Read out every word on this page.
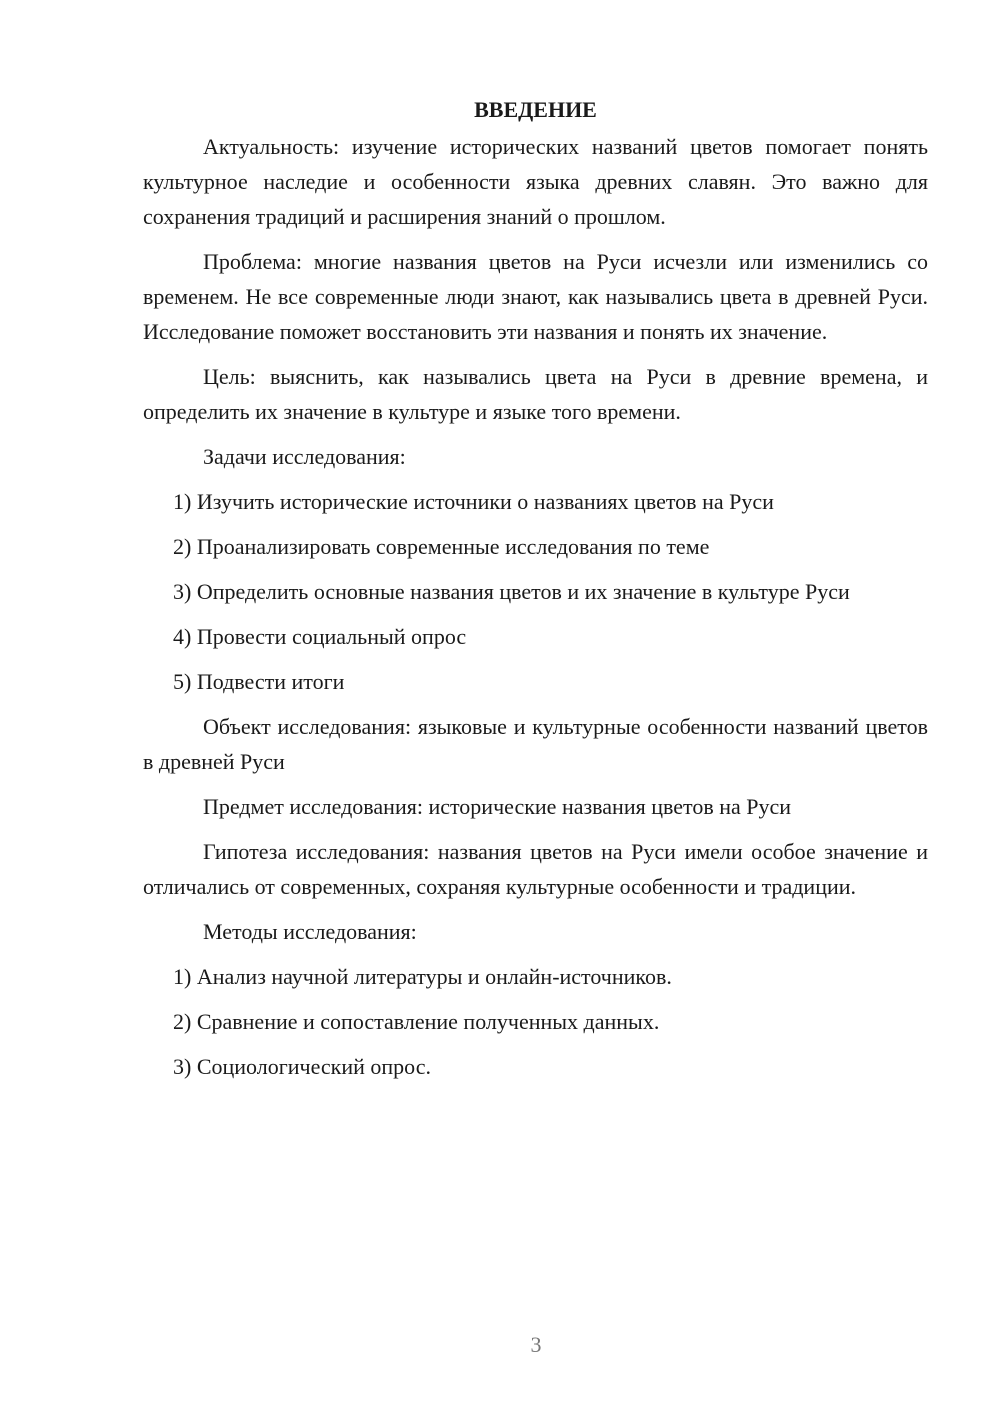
ВВЕДЕНИЕ

Актуальность: изучение исторических названий цветов помогает понять культурное наследие и особенности языка древних славян. Это важно для сохранения традиций и расширения знаний о прошлом.

Проблема: многие названия цветов на Руси исчезли или изменились со временем. Не все современные люди знают, как назывались цвета в древней Руси. Исследование поможет восстановить эти названия и понять их значение.

Цель: выяснить, как назывались цвета на Руси в древние времена, и определить их значение в культуре и языке того времени.

Задачи исследования:

1) Изучить исторические источники о названиях цветов на Руси

2) Проанализировать современные исследования по теме

3) Определить основные названия цветов и их значение в культуре Руси

4) Провести социальный опрос

5) Подвести итоги

Объект исследования: языковые и культурные особенности названий цветов в древней Руси

Предмет исследования: исторические названия цветов на Руси

Гипотеза исследования: названия цветов на Руси имели особое значение и отличались от современных, сохраняя культурные особенности и традиции.

Методы исследования:

1) Анализ научной литературы и онлайн-источников.

2) Сравнение и сопоставление полученных данных.

3) Социологический опрос.

3
